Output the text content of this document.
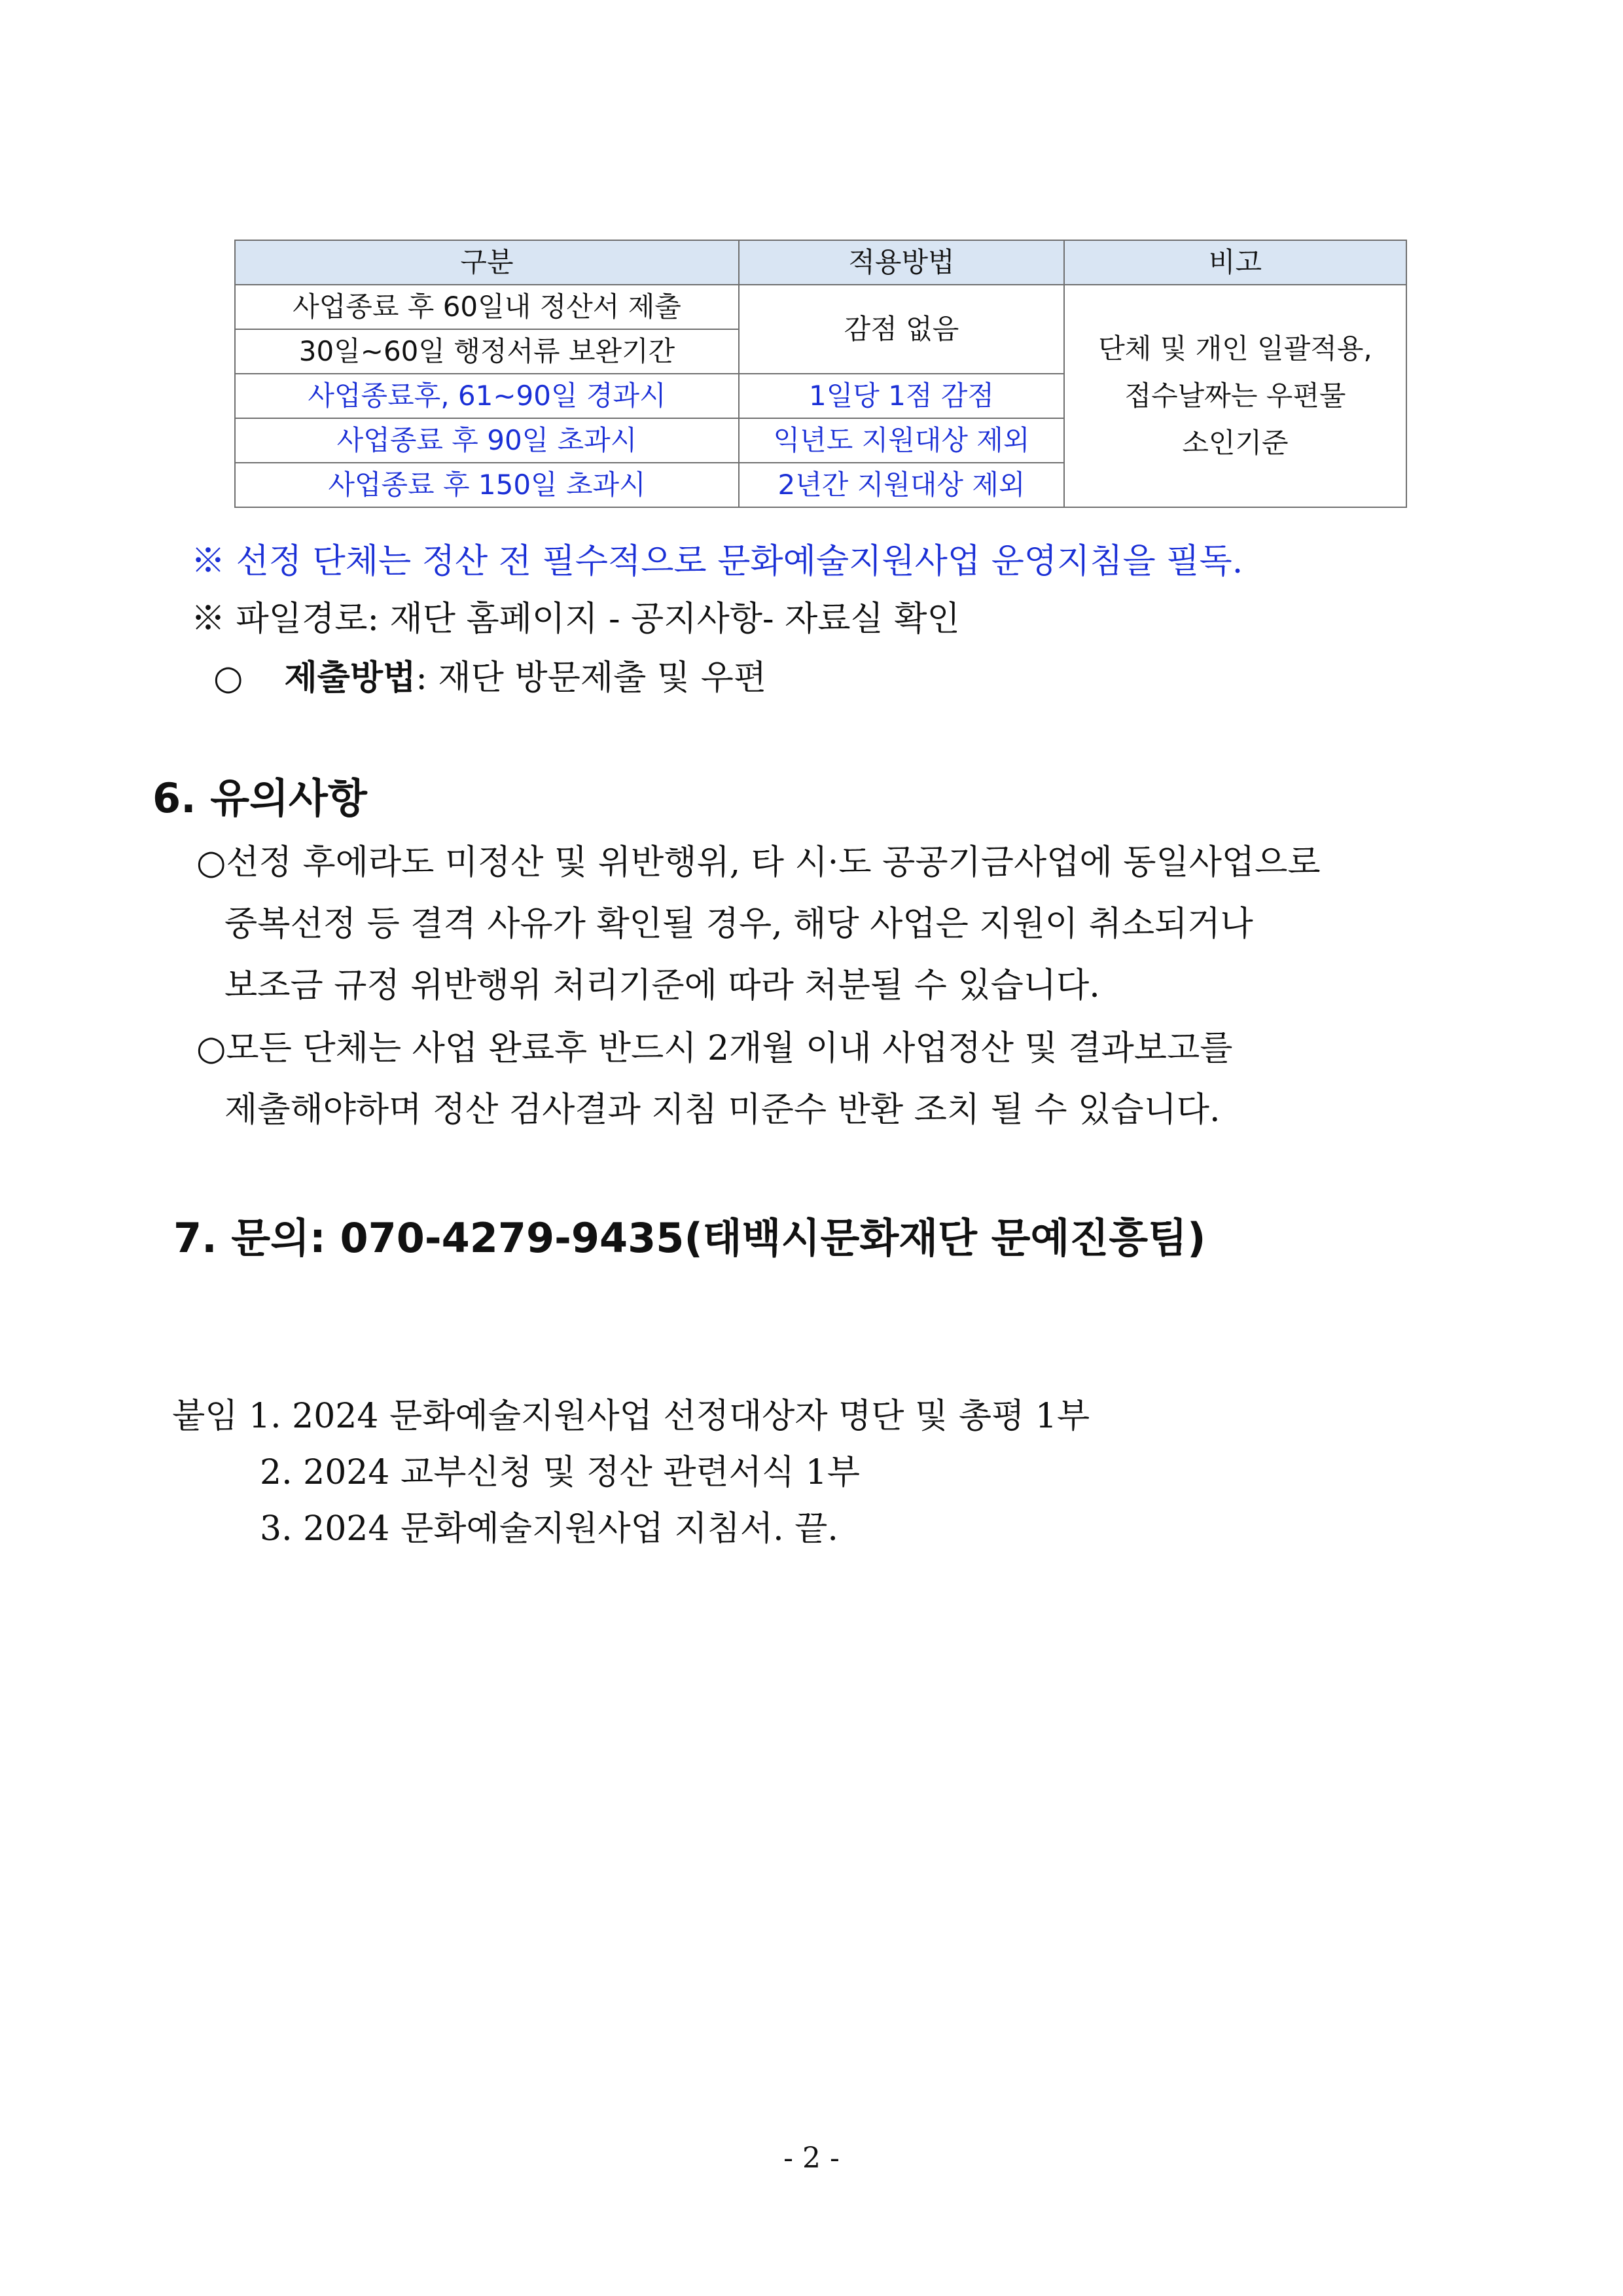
구분	적용방법	비고
사업종료 후 60일내 정산서 제출	감점 없음	단체 및 개인 일괄적용,
접수날짜는 우편물
소인기준

30일~60일 행정서류 보완기간		
사업종료후, 61~90일 경과시	1일당 1점 감점	
사업종료 후 90일 초과시	익년도 지원대상 제외	
사업종료 후 150일 초과시	2년간 지원대상 제외	
※ 선정 단체는 정산 전 필수적으로 문화예술지원사업 운영지침을 필독.
※ 파일경로: 재단 홈페이지 - 공지사항- 자료실 확인
○ 제출방법: 재단 방문제출 및 우편
6. 유의사항
○선정 후에라도 미정산 및 위반행위, 타 시·도 공공기금사업에 동일사업으로
중복선정 등 결격 사유가 확인될 경우, 해당 사업은 지원이 취소되거나
보조금 규정 위반행위 처리기준에 따라 처분될 수 있습니다.
○모든 단체는 사업 완료후 반드시 2개월 이내 사업정산 및 결과보고를
제출해야하며 정산 검사결과 지침 미준수 반환 조치 될 수 있습니다.
7. 문의: 070-4279-9435(태백시문화재단 문예진흥팀)
붙임 1. 2024 문화예술지원사업 선정대상자 명단 및 총평 1부
2. 2024 교부신청 및 정산 관련서식 1부
3. 2024 문화예술지원사업 지침서. 끝.
- 2 -
